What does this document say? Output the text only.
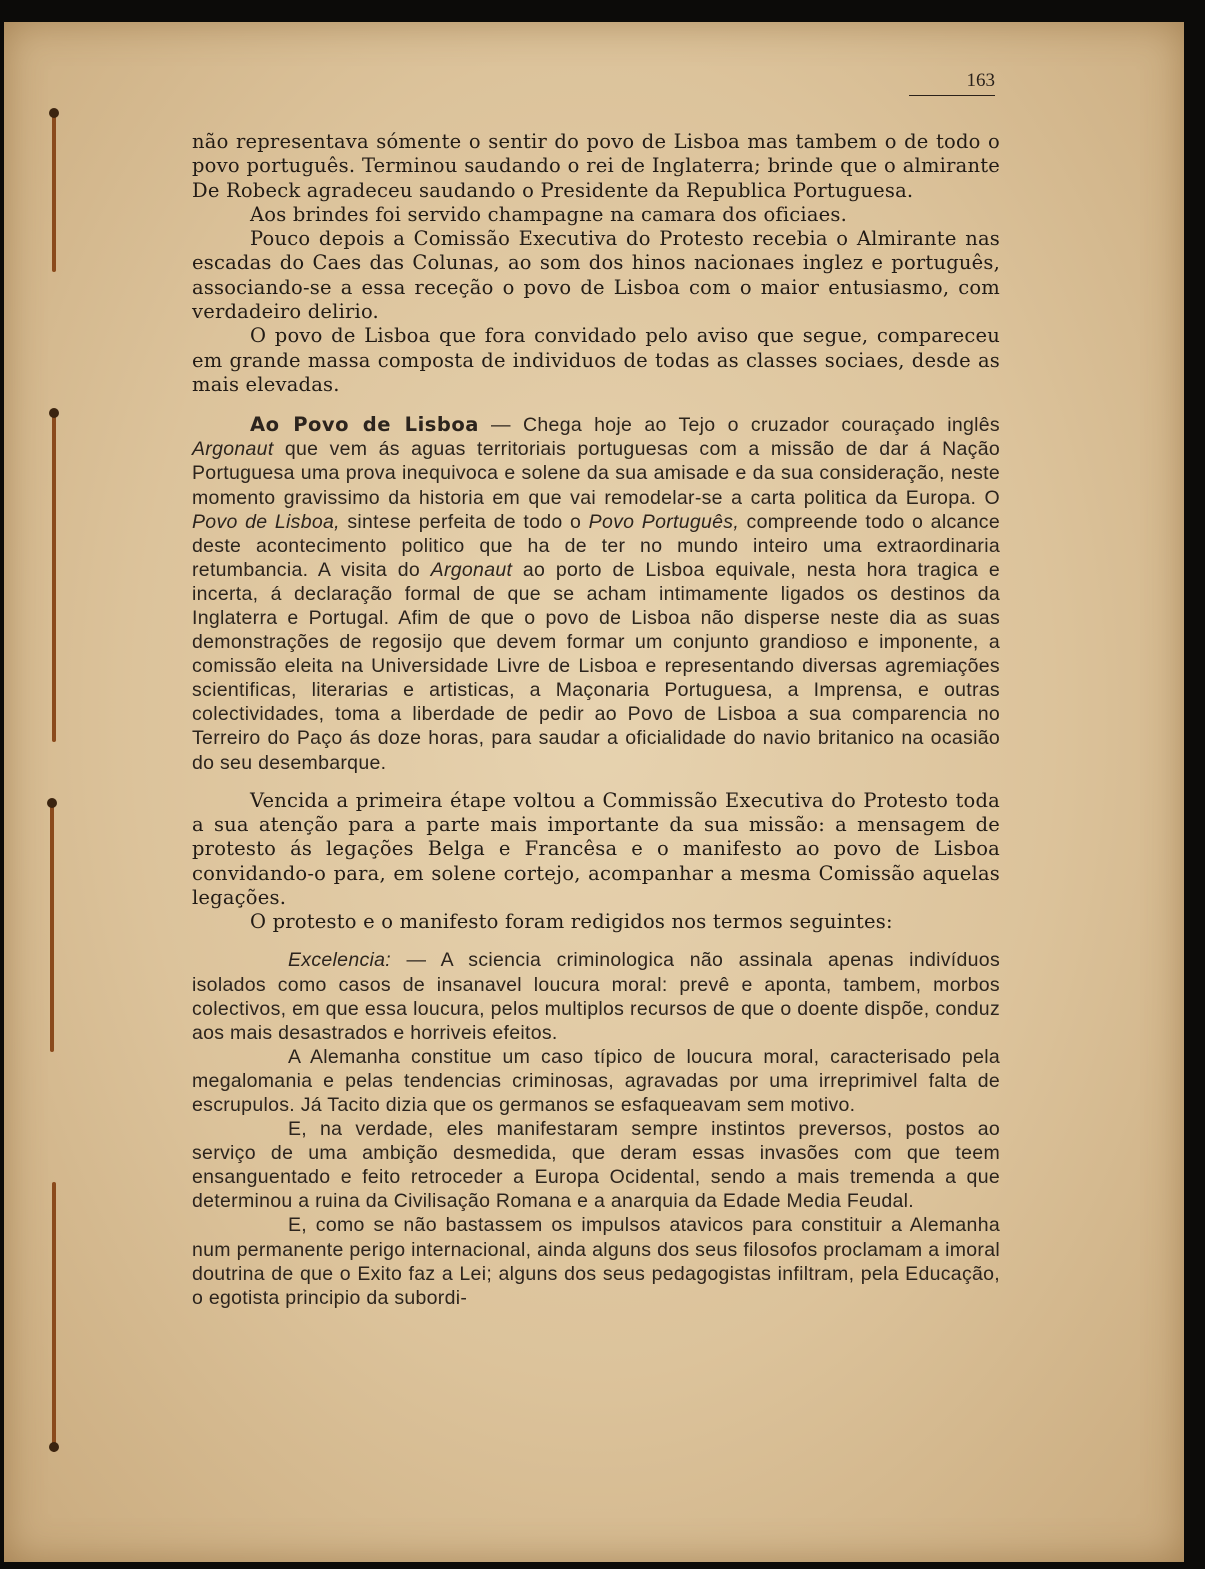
163

não representava sómente o sentir do povo de Lisboa mas tambem o de todo o povo português. Terminou saudando o rei de Inglaterra; brinde que o almirante De Robeck agradeceu saudando o Presidente da Republica Portuguesa.

Aos brindes foi servido champagne na camara dos oficiaes.

Pouco depois a Comissão Executiva do Protesto recebia o Almirante nas escadas do Caes das Colunas, ao som dos hinos nacionaes inglez e português, associando-se a essa receção o povo de Lisboa com o maior entusiasmo, com verdadeiro delirio.

O povo de Lisboa que fora convidado pelo aviso que segue, compareceu em grande massa composta de individuos de todas as classes sociaes, desde as mais elevadas.

Ao Povo de Lisboa — Chega hoje ao Tejo o cruzador couraçado inglês Argonaut que vem ás aguas territoriais portuguesas com a missão de dar á Nação Portuguesa uma prova inequivoca e solene da sua amisade e da sua consideração, neste momento gravissimo da historia em que vai remodelar-se a carta politica da Europa. O Povo de Lisboa, sintese perfeita de todo o Povo Português, compreende todo o alcance deste acontecimento politico que ha de ter no mundo inteiro uma extraordinaria retumbancia. A visita do Argonaut ao porto de Lisboa equivale, nesta hora tragica e incerta, á declaração formal de que se acham intimamente ligados os destinos da Inglaterra e Portugal. Afim de que o povo de Lisboa não disperse neste dia as suas demonstrações de regosijo que devem formar um conjunto grandioso e imponente, a comissão eleita na Universidade Livre de Lisboa e representando diversas agremiações scientificas, literarias e artisticas, a Maçonaria Portuguesa, a Imprensa, e outras colectividades, toma a liberdade de pedir ao Povo de Lisboa a sua comparencia no Terreiro do Paço ás doze horas, para saudar a oficialidade do navio britanico na ocasião do seu desembarque.

Vencida a primeira étape voltou a Commissão Executiva do Protesto toda a sua atenção para a parte mais importante da sua missão: a mensagem de protesto ás legações Belga e Francêsa e o manifesto ao povo de Lisboa convidando-o para, em solene cortejo, acompanhar a mesma Comissão aquelas legações.

O protesto e o manifesto foram redigidos nos termos seguintes:

Excelencia: — A sciencia criminologica não assinala apenas indivíduos isolados como casos de insanavel loucura moral: prevê e aponta, tambem, morbos colectivos, em que essa loucura, pelos multiplos recursos de que o doente dispõe, conduz aos mais desastrados e horriveis efeitos.

A Alemanha constitue um caso típico de loucura moral, caracterisado pela megalomania e pelas tendencias criminosas, agravadas por uma irreprimivel falta de escrupulos. Já Tacito dizia que os germanos se esfaqueavam sem motivo.

E, na verdade, eles manifestaram sempre instintos preversos, postos ao serviço de uma ambição desmedida, que deram essas invasões com que teem ensanguentado e feito retroceder a Europa Ocidental, sendo a mais tremenda a que determinou a ruina da Civilisação Romana e a anarquia da Edade Media Feudal.

E, como se não bastassem os impulsos atavicos para constituir a Alemanha num permanente perigo internacional, ainda alguns dos seus filosofos proclamam a imoral doutrina de que o Exito faz a Lei; alguns dos seus pedagogistas infiltram, pela Educação, o egotista principio da subordi-
